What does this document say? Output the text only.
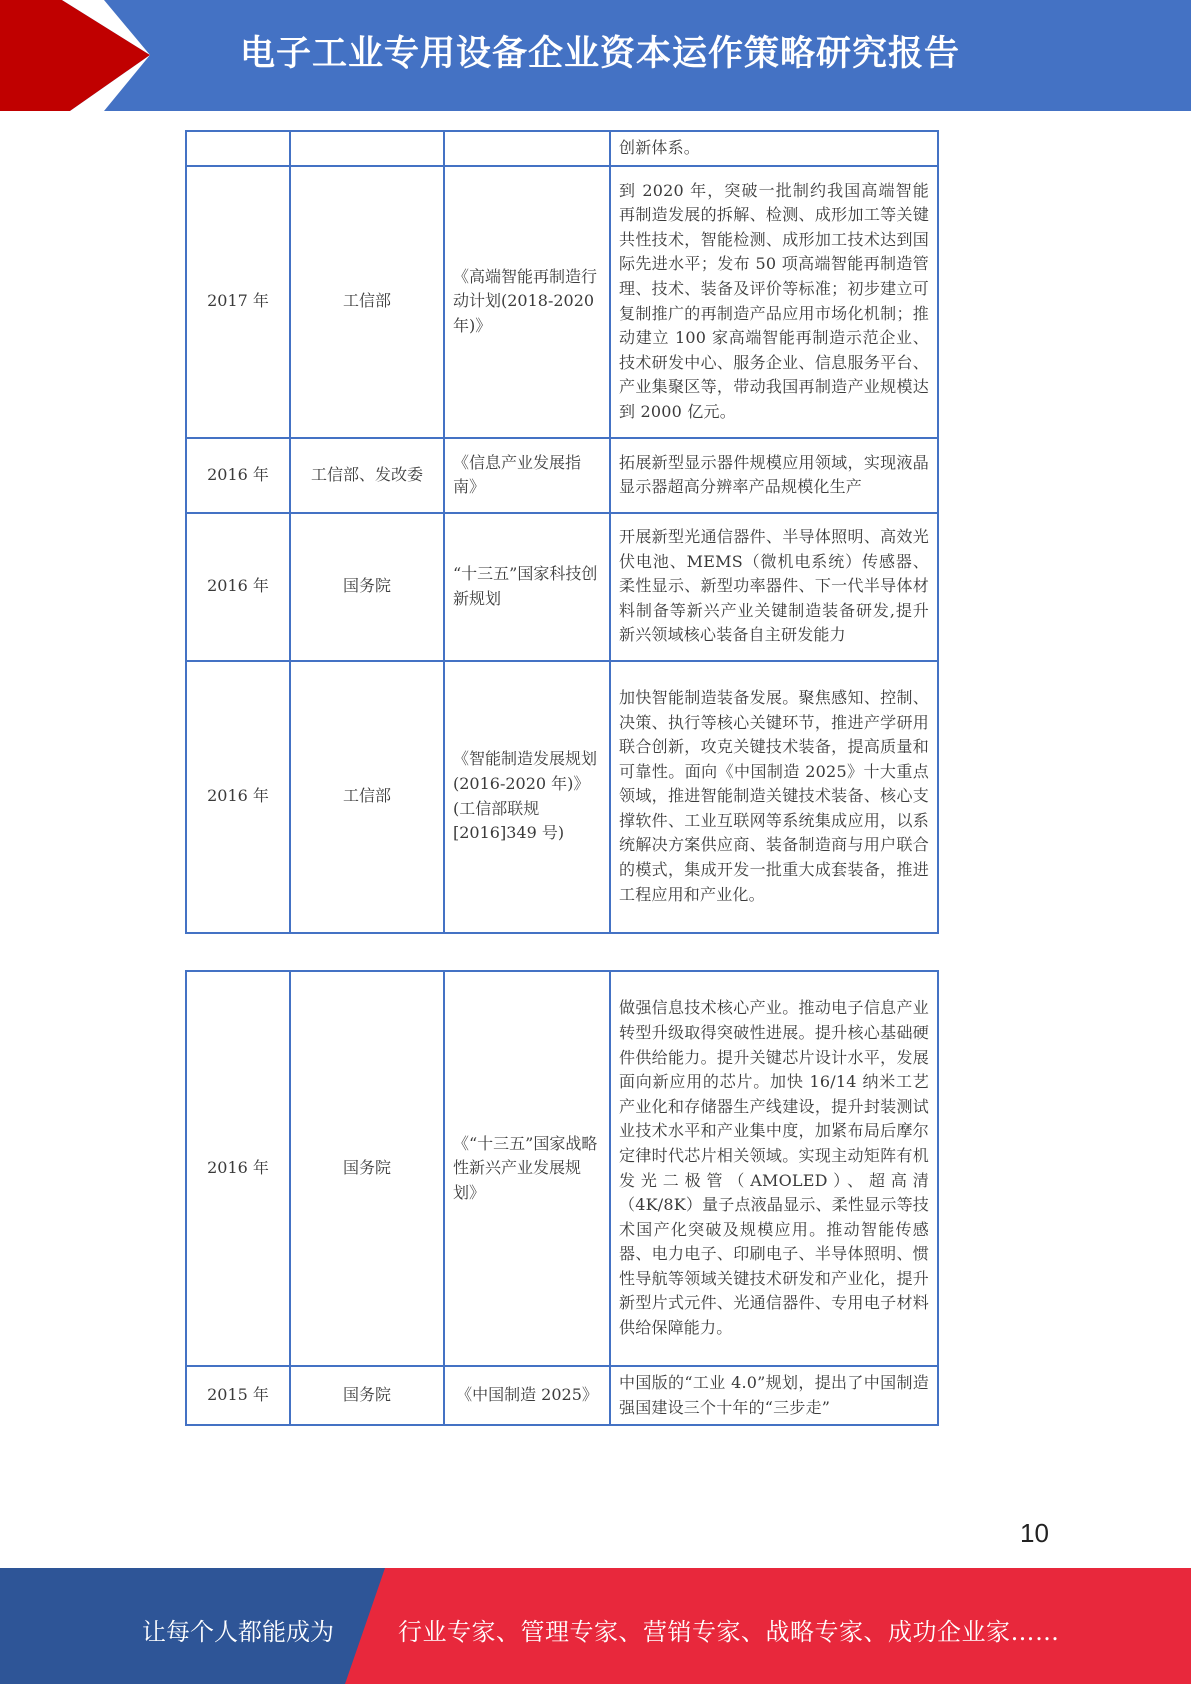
电子工业专用设备企业资本运作策略研究报告
			创新体系。
2017 年	工信部	《高端智能再制造行动计划(2018-2020 年)》	到 2020 年，突破一批制约我国高端智能再制造发展的拆解、检测、成形加工等关键共性技术，智能检测、成形加工技术达到国际先进水平；发布 50 项高端智能再制造管理、技术、装备及评价等标准；初步建立可复制推广的再制造产品应用市场化机制；推动建立 100 家高端智能再制造示范企业、技术研发中心、服务企业、信息服务平台、产业集聚区等，带动我国再制造产业规模达到 2000 亿元。
2016 年	工信部、发改委	《信息产业发展指南》	拓展新型显示器件规模应用领域，实现液晶显示器超高分辨率产品规模化生产
2016 年	国务院	“十三五”国家科技创新规划	开展新型光通信器件、半导体照明、高效光伏电池、MEMS（微机电系统）传感器、柔性显示、新型功率器件、下一代半导体材料制备等新兴产业关键制造装备研发,提升新兴领域核心装备自主研发能力
2016 年	工信部	《智能制造发展规划 (2016-2020 年)》(工信部联规 [2016]349 号)	加快智能制造装备发展。聚焦感知、控制、决策、执行等核心关键环节，推进产学研用联合创新，攻克关键技术装备，提高质量和可靠性。面向《中国制造 2025》十大重点领域，推进智能制造关键技术装备、核心支撑软件、工业互联网等系统集成应用，以系统解决方案供应商、装备制造商与用户联合的模式，集成开发一批重大成套装备，推进工程应用和产业化。
2016 年	国务院	《“十三五”国家战略性新兴产业发展规划》	做强信息技术核心产业。推动电子信息产业转型升级取得突破性进展。提升核心基础硬件供给能力。提升关键芯片设计水平，发展面向新应用的芯片。加快 16/14 纳米工艺产业化和存储器生产线建设，提升封装测试业技术水平和产业集中度，加紧布局后摩尔定律时代芯片相关领域。实现主动矩阵有机发光二极管（AMOLED）、超高清（4K/8K）量子点液晶显示、柔性显示等技术国产化突破及规模应用。推动智能传感器、电力电子、印刷电子、半导体照明、惯性导航等领域关键技术研发和产业化，提升新型片式元件、光通信器件、专用电子材料供给保障能力。
2015 年	国务院	《中国制造 2025》	中国版的“工业 4.0”规划，提出了中国制造强国建设三个十年的“三步走”
10
让每个人都能成为	行业专家、管理专家、营销专家、战略专家、成功企业家……
